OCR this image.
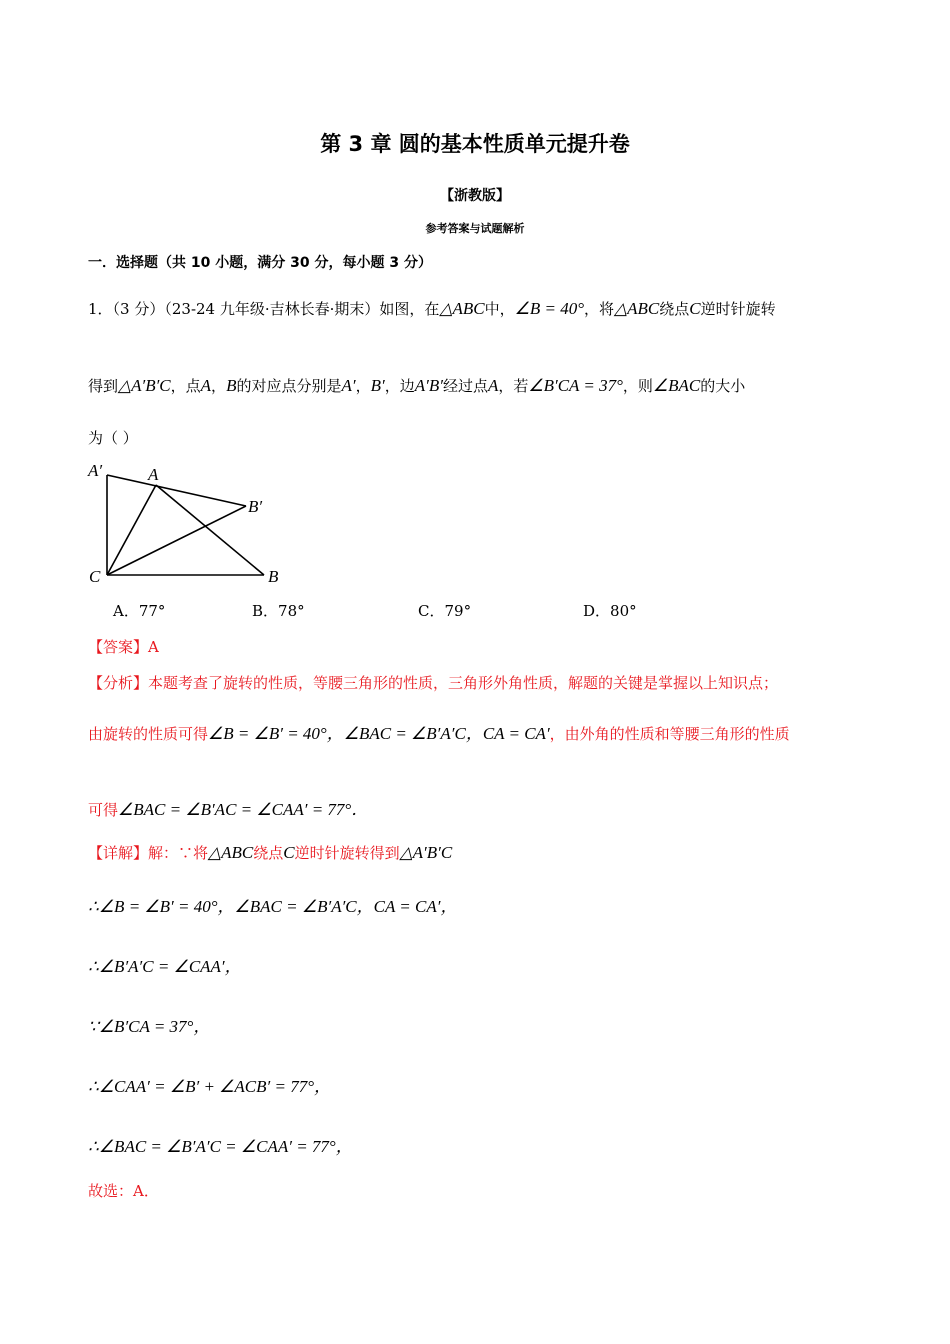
第 3 章 圆的基本性质单元提升卷
【浙教版】
参考答案与试题解析
一．选择题（共 10 小题，满分 30 分，每小题 3 分）
1．（3 分）（23-24 九年级·吉林长春·期末）如图，在△ABC中，∠B = 40°，将△ABC绕点C逆时针旋转
得到△A′B′C，点A，B的对应点分别是A′，B′，边A′B′经过点A，若∠B′CA = 37°，则∠BAC的大小
为（ ）
A′	A
B′
C	B
A．77°	B．78°	C．79°	D．80°
【答案】A
【分析】本题考查了旋转的性质，等腰三角形的性质，三角形外角性质，解题的关键是掌握以上知识点；
由旋转的性质可得∠B = ∠B′ = 40°，∠BAC = ∠B′A′C，CA = CA′，由外角的性质和等腰三角形的性质
可得∠BAC = ∠B′AC = ∠CAA′ = 77°．
【详解】解：∵将△ABC绕点C逆时针旋转得到△A′B′C
∴∠B = ∠B′ = 40°，∠BAC = ∠B′A′C，CA = CA′，
∴∠B′A′C = ∠CAA′，
∵∠B′CA = 37°，
∴∠CAA′ = ∠B′ + ∠ACB′ = 77°，
∴∠BAC = ∠B′A′C = ∠CAA′ = 77°，
故选：A．
